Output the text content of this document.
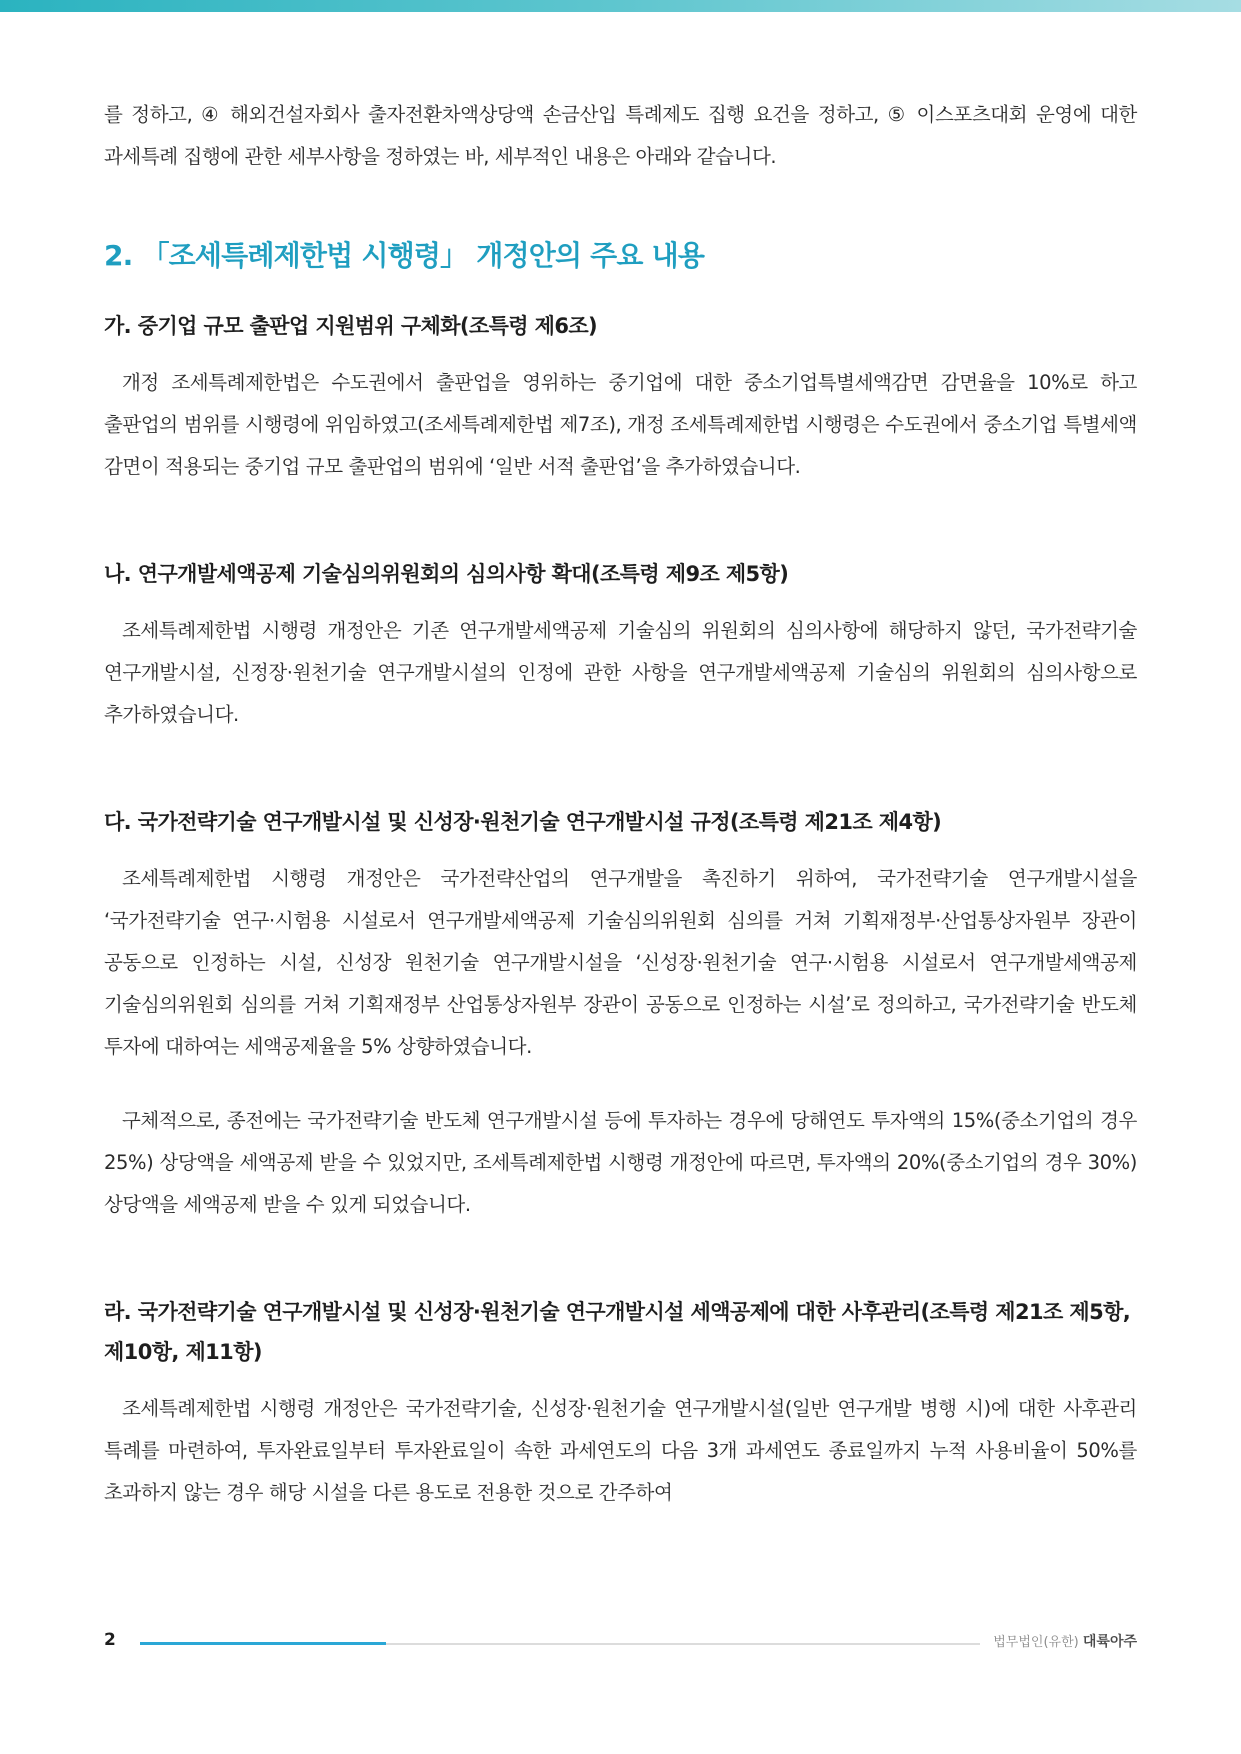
를 정하고, ④ 해외건설자회사 출자전환차액상당액 손금산입 특례제도 집행 요건을 정하고, ⑤ 이스포츠대회 운영에 대한 과세특례 집행에 관한 세부사항을 정하였는 바, 세부적인 내용은 아래와 같습니다.

2. 「조세특례제한법 시행령」 개정안의 주요 내용
가. 중기업 규모 출판업 지원범위 구체화(조특령 제6조)

개정 조세특례제한법은 수도권에서 출판업을 영위하는 중기업에 대한 중소기업특별세액감면 감면율을 10%로 하고 출판업의 범위를 시행령에 위임하였고(조세특례제한법 제7조), 개정 조세특례제한법 시행령은 수도권에서 중소기업 특별세액 감면이 적용되는 중기업 규모 출판업의 범위에 ‘일반 서적 출판업’을 추가하였습니다.

나. 연구개발세액공제 기술심의위원회의 심의사항 확대(조특령 제9조 제5항)

조세특례제한법 시행령 개정안은 기존 연구개발세액공제 기술심의 위원회의 심의사항에 해당하지 않던, 국가전략기술 연구개발시설, 신정장·원천기술 연구개발시설의 인정에 관한 사항을 연구개발세액공제 기술심의 위원회의 심의사항으로 추가하였습니다.

다. 국가전략기술 연구개발시설 및 신성장·원천기술 연구개발시설 규정(조특령 제21조 제4항)

조세특례제한법 시행령 개정안은 국가전략산업의 연구개발을 촉진하기 위하여, 국가전략기술 연구개발시설을 ‘국가전략기술 연구·시험용 시설로서 연구개발세액공제 기술심의위원회 심의를 거쳐 기획재정부·산업통상자원부 장관이 공동으로 인정하는 시설, 신성장 원천기술 연구개발시설을 ‘신성장·원천기술 연구·시험용 시설로서 연구개발세액공제 기술심의위원회 심의를 거쳐 기획재정부 산업통상자원부 장관이 공동으로 인정하는 시설’로 정의하고, 국가전략기술 반도체 투자에 대하여는 세액공제율을 5% 상향하였습니다.

구체적으로, 종전에는 국가전략기술 반도체 연구개발시설 등에 투자하는 경우에 당해연도 투자액의 15%(중소기업의 경우 25%) 상당액을 세액공제 받을 수 있었지만, 조세특례제한법 시행령 개정안에 따르면, 투자액의 20%(중소기업의 경우 30%) 상당액을 세액공제 받을 수 있게 되었습니다.

라. 국가전략기술 연구개발시설 및 신성장·원천기술 연구개발시설 세액공제에 대한 사후관리(조특령 제21조 제5항, 제10항, 제11항)

조세특례제한법 시행령 개정안은 국가전략기술, 신성장·원천기술 연구개발시설(일반 연구개발 병행 시)에 대한 사후관리 특례를 마련하여, 투자완료일부터 투자완료일이 속한 과세연도의 다음 3개 과세연도 종료일까지 누적 사용비율이 50%를 초과하지 않는 경우 해당 시설을 다른 용도로 전용한 것으로 간주하여

2	법무법인(유한) 대륙아주
